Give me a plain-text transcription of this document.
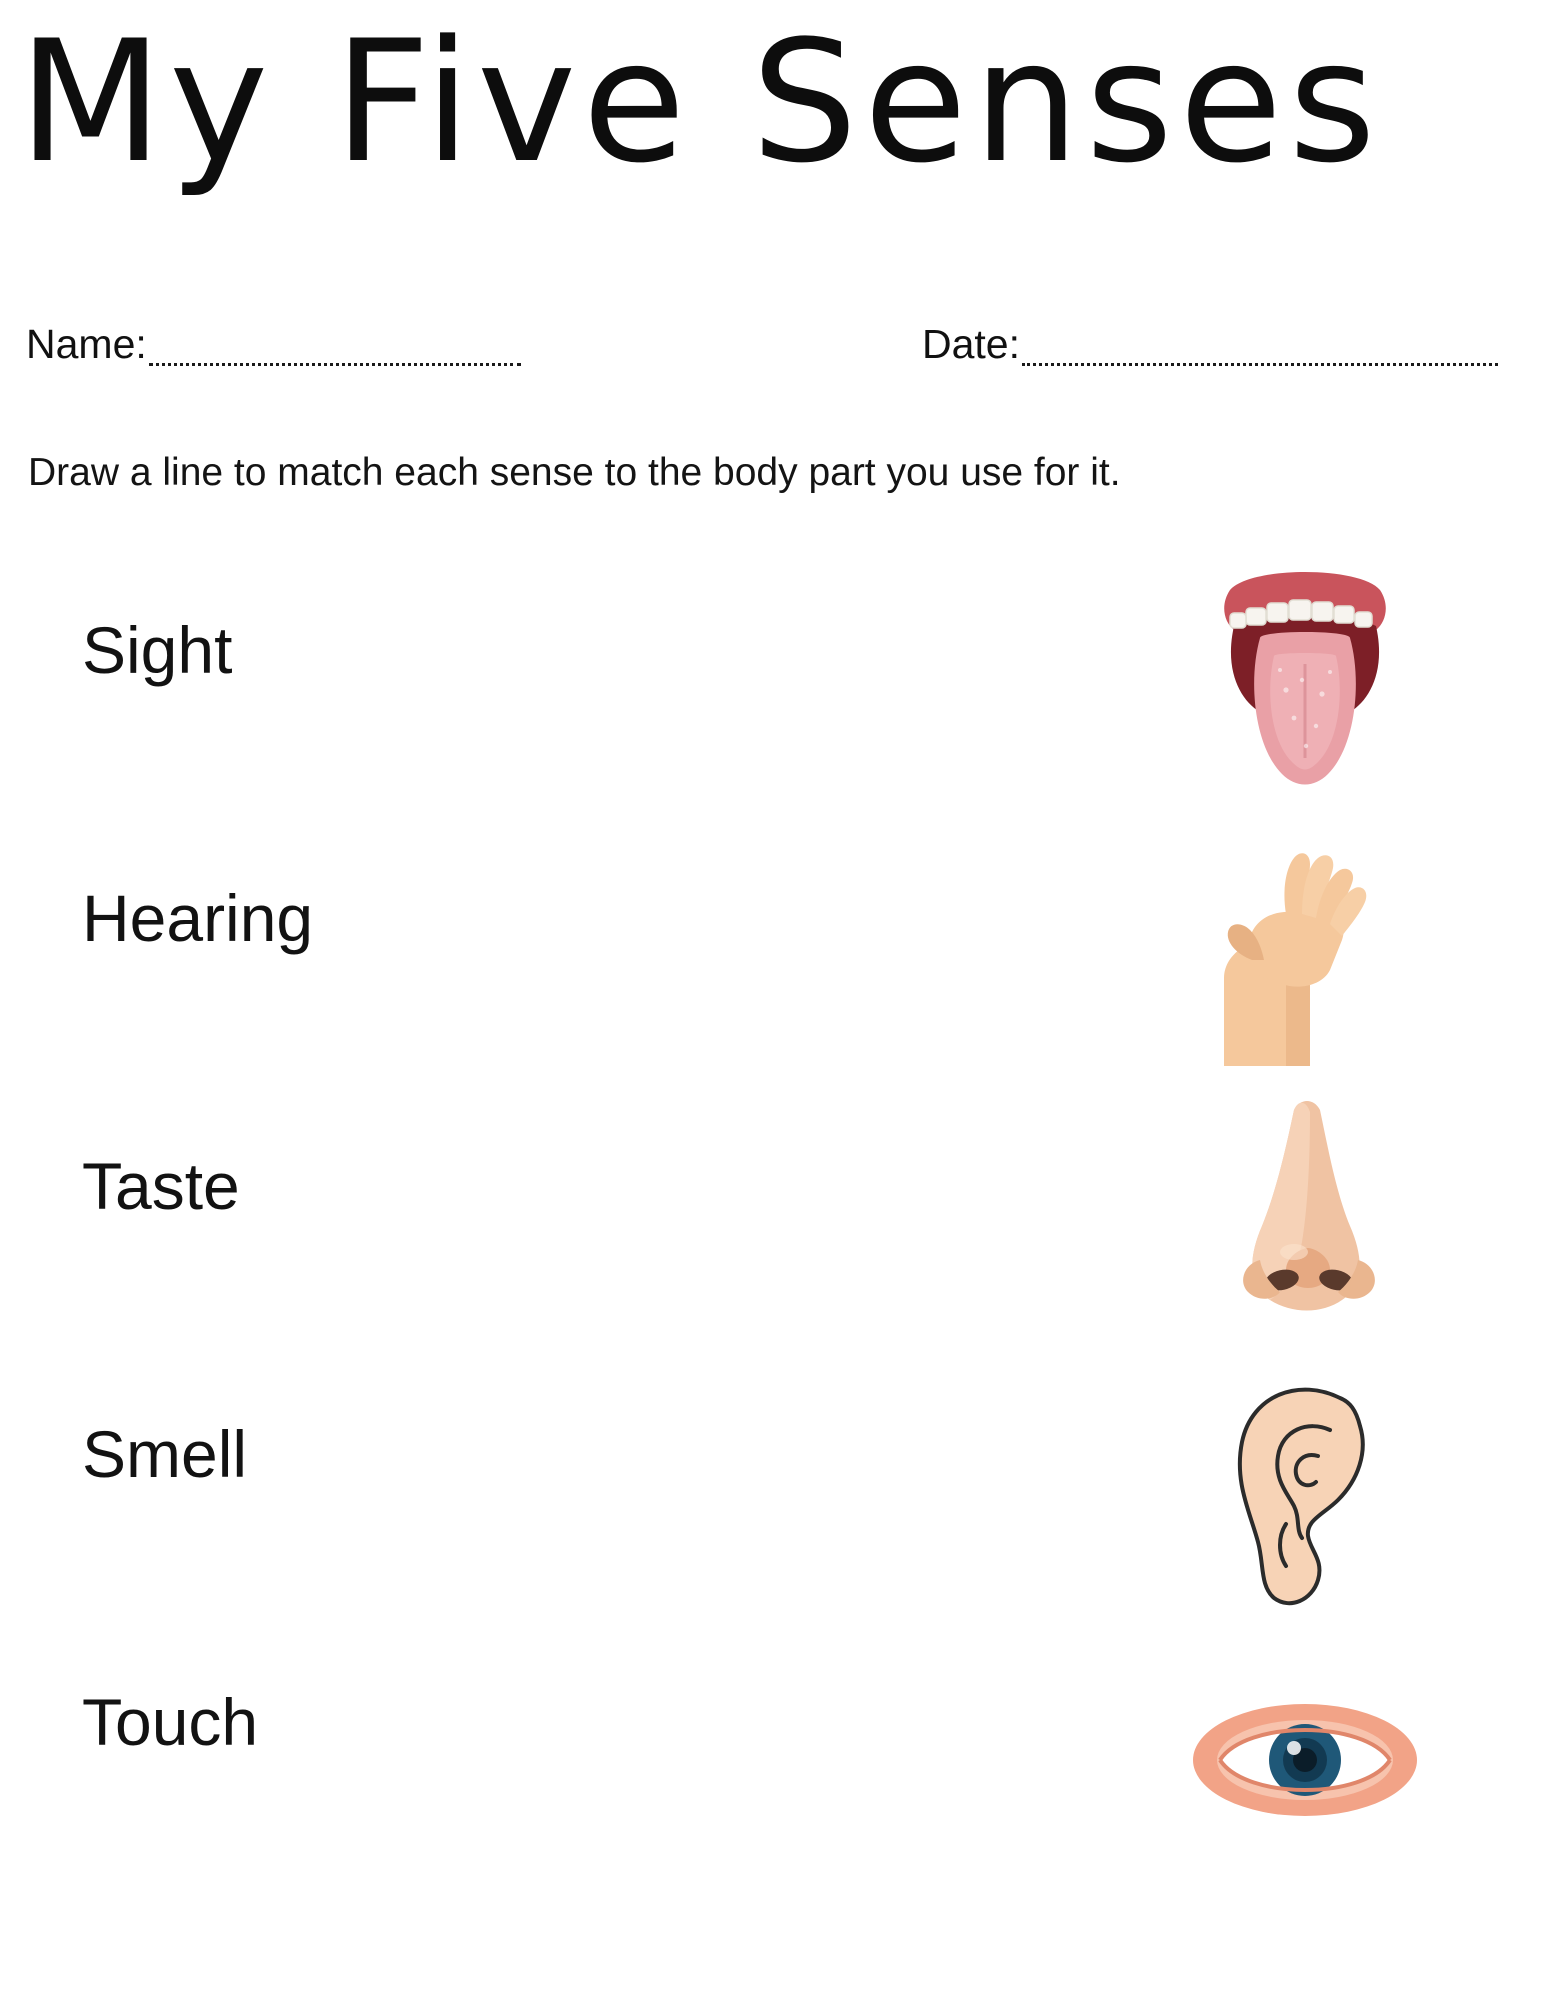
My Five Senses
Name:	Date:
Draw a line to match each sense to the body part you use for it.
Sight
Hearing
Taste
Smell
Touch
